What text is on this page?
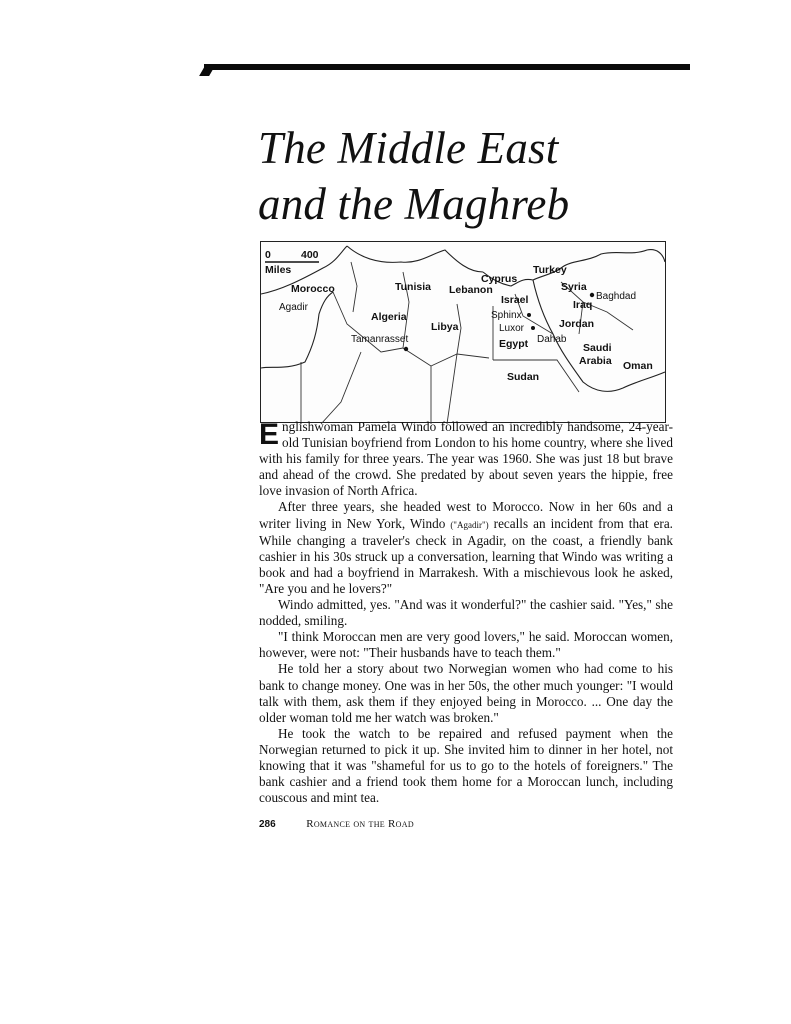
The Middle East
and the Maghreb
0	400
Miles
Morocco
Algeria
Tunisia
Libya
Egypt
Sudan
Israel
Lebanon
Cyprus
Turkey
Syria
Iraq
Jordan
Saudi
Arabia Oman
Agadir
Tamanrasset
Sphinx
Luxor
Dahab
Baghdad

Englishwoman Pamela Windo followed an incredibly handsome, 24-year-old Tunisian boyfriend from London to his home country, where she lived with his family for three years. The year was 1960. She was just 18 but brave and ahead of the crowd. She predated by about seven years the hippie, free love invasion of North Africa.

After three years, she headed west to Morocco. Now in her 60s and a writer living in New York, Windo ("Agadir") recalls an incident from that era. While changing a traveler's check in Agadir, on the coast, a friendly bank cashier in his 30s struck up a conversation, learning that Windo was writing a book and had a boyfriend in Marrakesh. With a mischievous look he asked, "Are you and he lovers?"

Windo admitted, yes. "And was it wonderful?" the cashier said. "Yes," she nodded, smiling.

"I think Moroccan men are very good lovers," he said. Moroccan women, however, were not: "Their husbands have to teach them."

He told her a story about two Norwegian women who had come to his bank to change money. One was in her 50s, the other much younger: "I would talk with them, ask them if they enjoyed being in Morocco. ... One day the older woman told me her watch was broken."

He took the watch to be repaired and refused payment when the Norwegian returned to pick it up. She invited him to dinner in her hotel, not knowing that it was "shameful for us to go to the hotels of foreigners." The bank cashier and a friend took them home for a Moroccan lunch, including couscous and mint tea.

286	Romance on the Road
